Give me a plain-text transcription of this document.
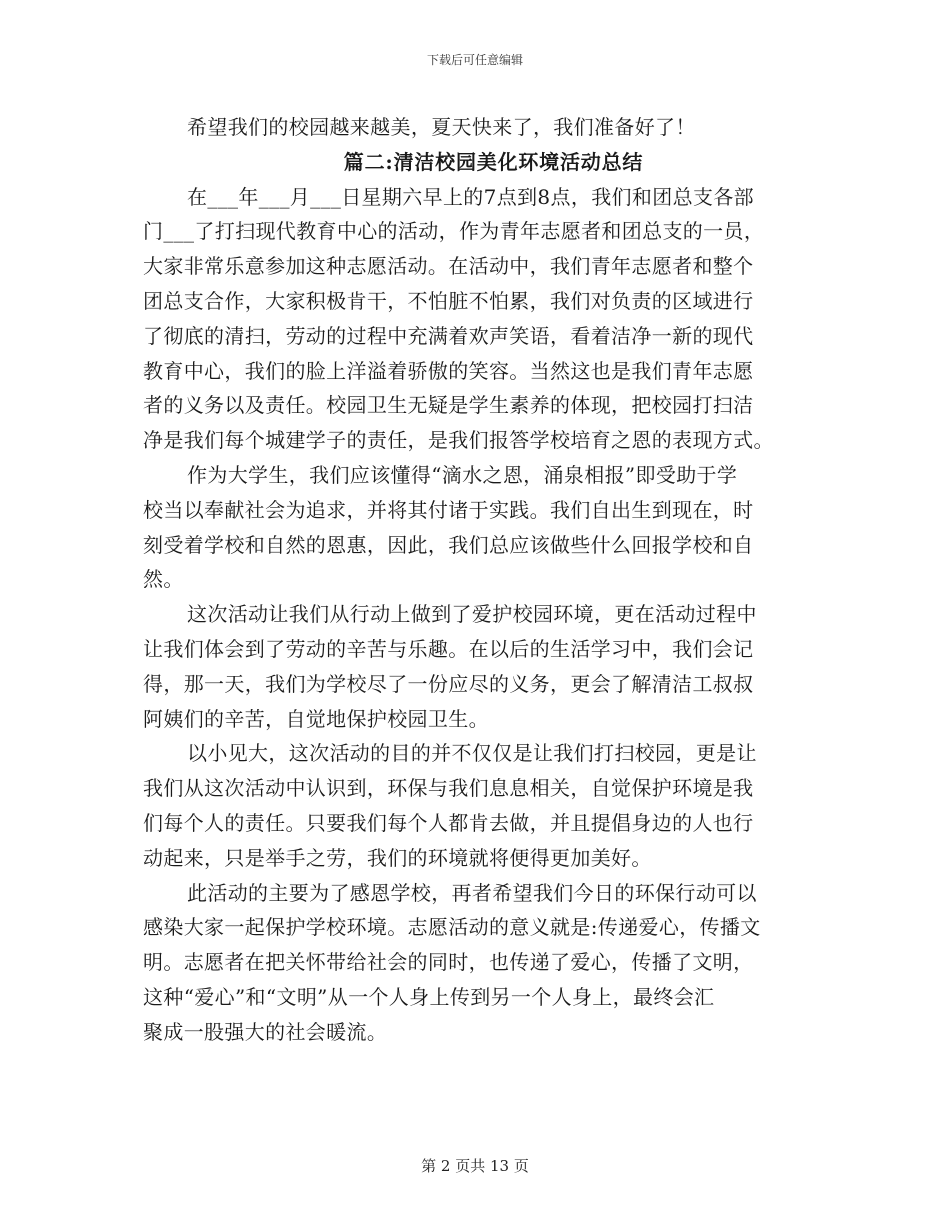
下载后可任意编辑
希望我们的校园越来越美，夏天快来了，我们准备好了！
篇二:清洁校园美化环境活动总结
在___年___月___日星期六早上的7点到8点，我们和团总支各部
门___了打扫现代教育中心的活动，作为青年志愿者和团总支的一员，
大家非常乐意参加这种志愿活动。在活动中，我们青年志愿者和整个
团总支合作，大家积极肯干，不怕脏不怕累，我们对负责的区域进行
了彻底的清扫，劳动的过程中充满着欢声笑语，看着洁净一新的现代
教育中心，我们的脸上洋溢着骄傲的笑容。当然这也是我们青年志愿
者的义务以及责任。校园卫生无疑是学生素养的体现，把校园打扫洁
净是我们每个城建学子的责任，是我们报答学校培育之恩的表现方式。
作为大学生，我们应该懂得“滴水之恩，涌泉相报”即受助于学
校当以奉献社会为追求，并将其付诸于实践。我们自出生到现在，时
刻受着学校和自然的恩惠，因此，我们总应该做些什么回报学校和自
然。
这次活动让我们从行动上做到了爱护校园环境，更在活动过程中
让我们体会到了劳动的辛苦与乐趣。在以后的生活学习中，我们会记
得，那一天，我们为学校尽了一份应尽的义务，更会了解清洁工叔叔
阿姨们的辛苦，自觉地保护校园卫生。
以小见大，这次活动的目的并不仅仅是让我们打扫校园，更是让
我们从这次活动中认识到，环保与我们息息相关，自觉保护环境是我
们每个人的责任。只要我们每个人都肯去做，并且提倡身边的人也行
动起来，只是举手之劳，我们的环境就将便得更加美好。
此活动的主要为了感恩学校，再者希望我们今日的环保行动可以
感染大家一起保护学校环境。志愿活动的意义就是:传递爱心，传播文
明。志愿者在把关怀带给社会的同时，也传递了爱心，传播了文明，
这种“爱心”和“文明”从一个人身上传到另一个人身上，最终会汇
聚成一股强大的社会暖流。
第 2 页共 13 页
